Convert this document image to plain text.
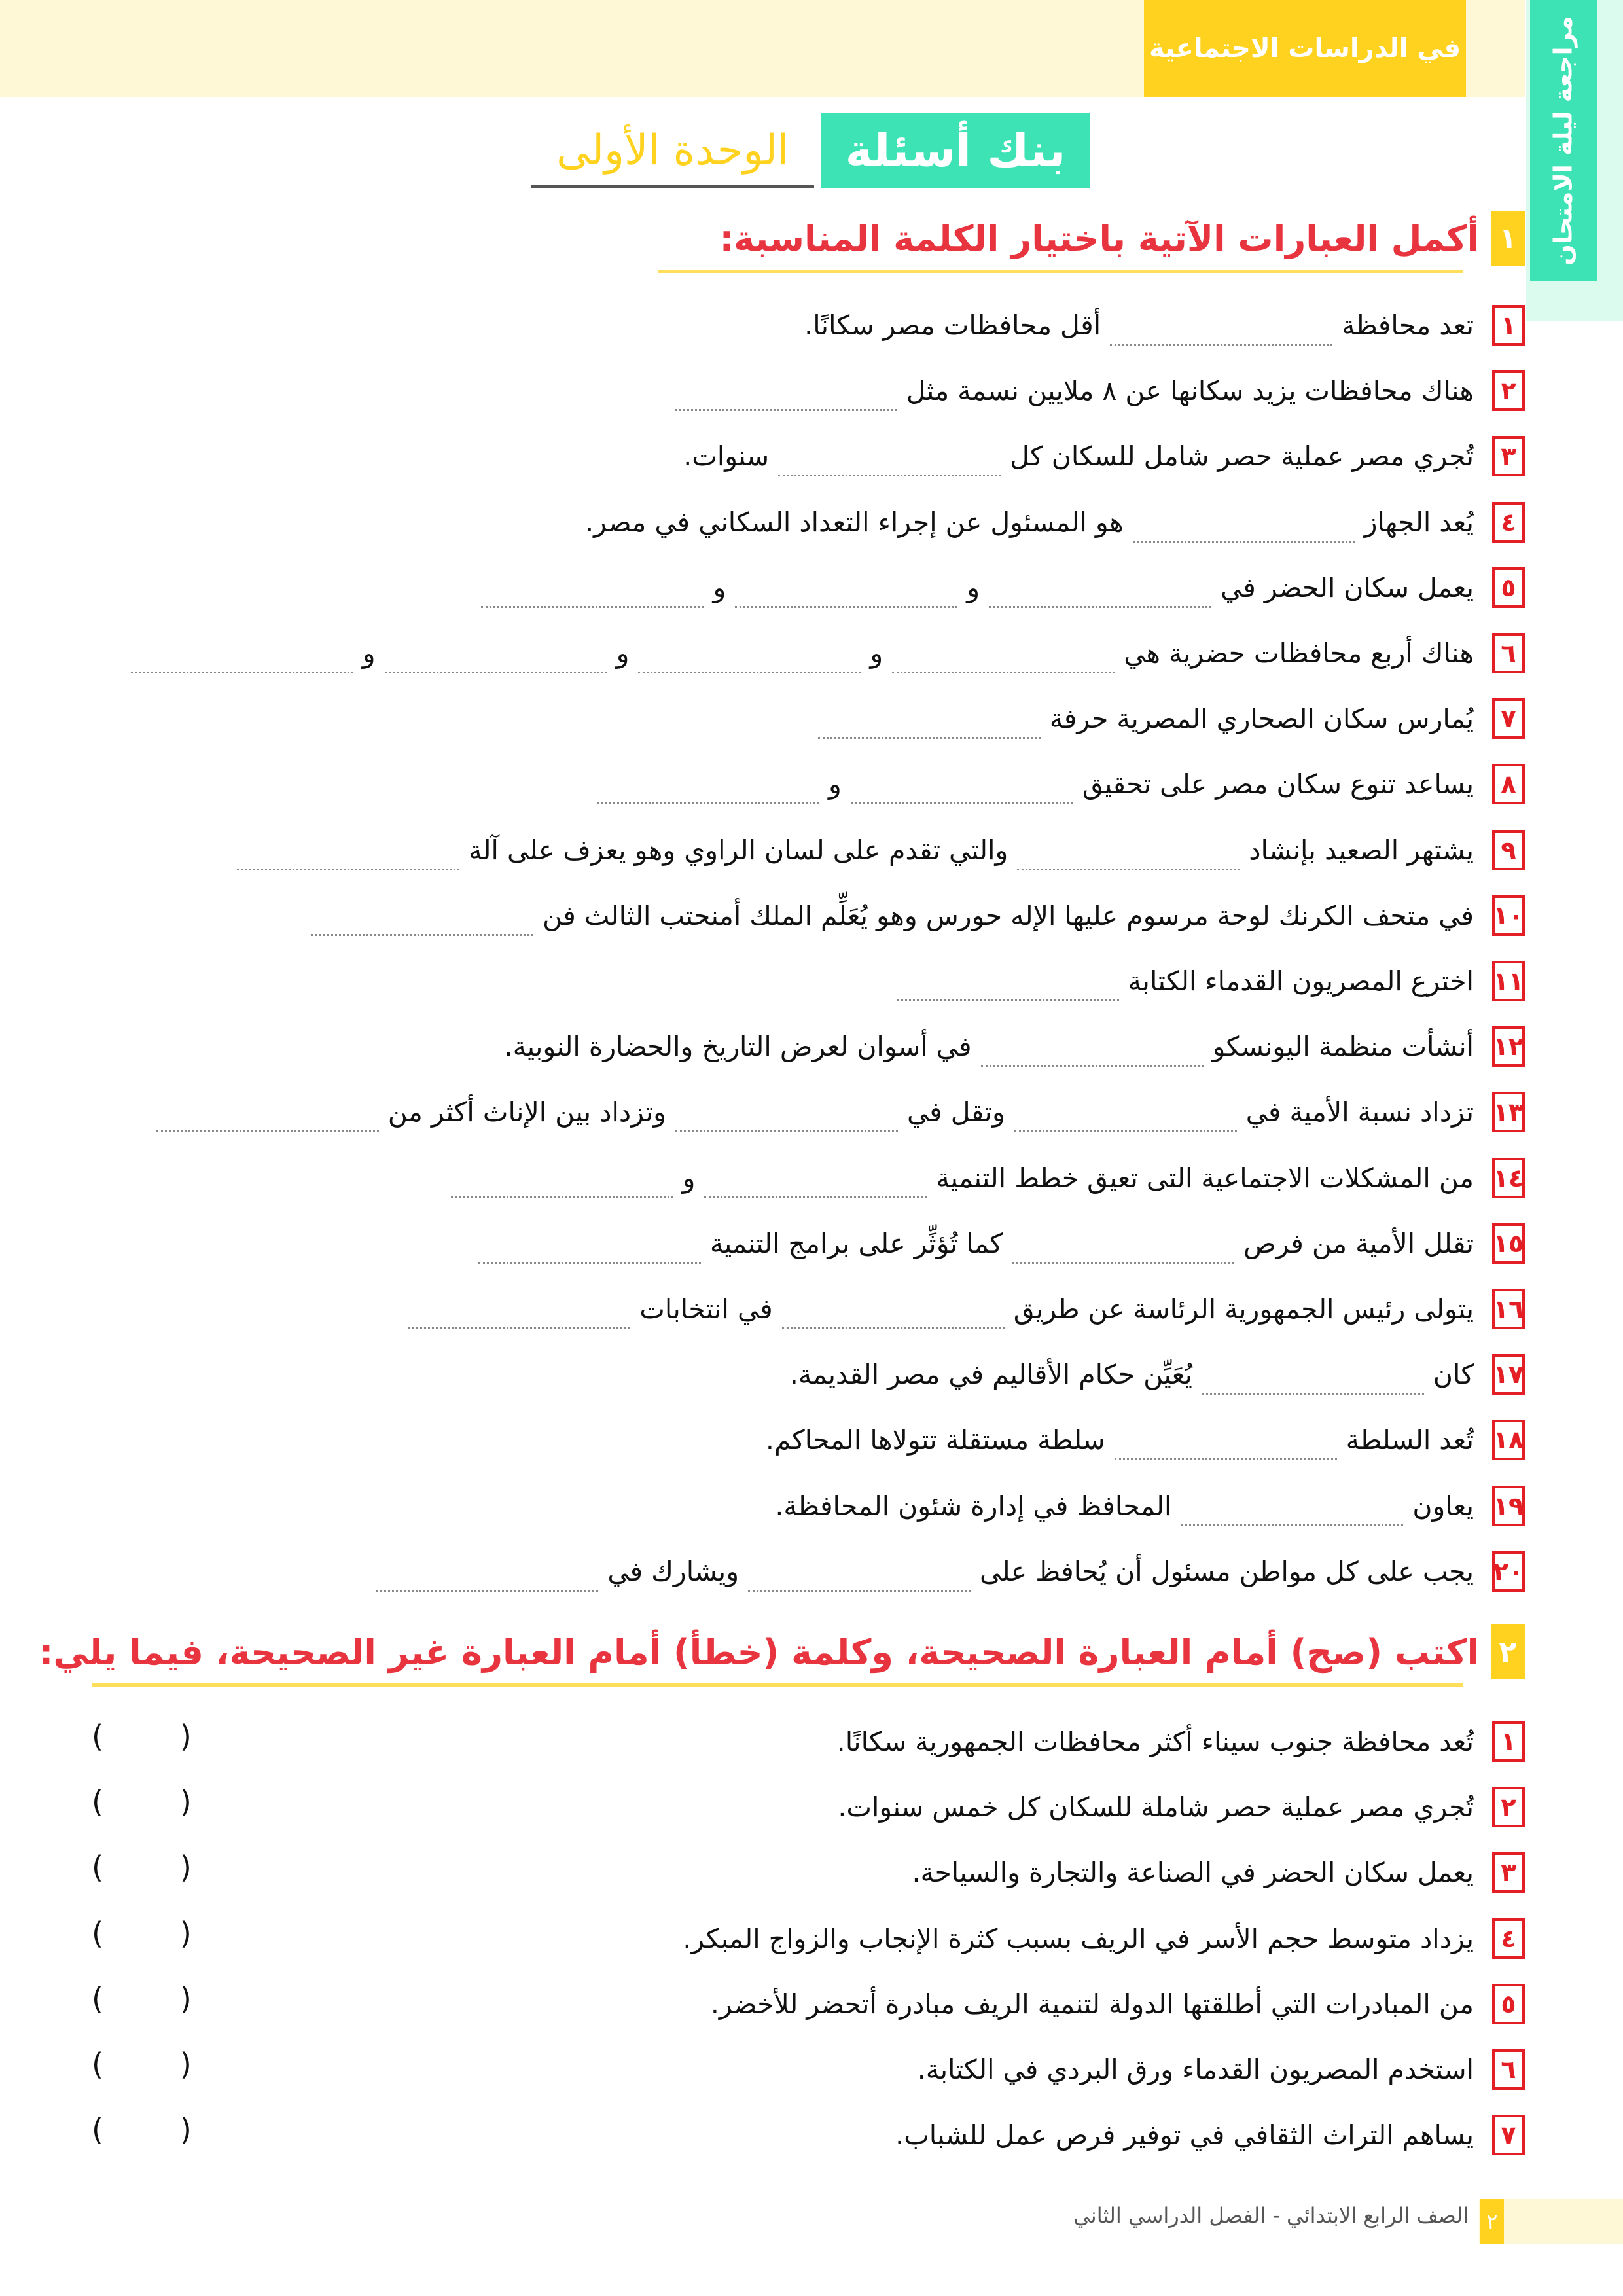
في الدراسات الاجتماعية	مراجعة ليلة الامتحان
بنك أسئلة
الوحدة الأولى
١
أكمل العبارات الآتية باختيار الكلمة المناسبة:
١
تعد محافظة
أقل محافظات مصر سكانًا.
٢
هناك محافظات يزيد سكانها عن ٨ ملايين نسمة مثل
٣
تُجري مصر عملية حصر شامل للسكان كل
سنوات.
٤
يُعد الجهاز
هو المسئول عن إجراء التعداد السكاني في مصر.
٥
يعمل سكان الحضر في
و
و
٦
هناك أربع محافظات حضرية هي
و
و
و
٧
يُمارس سكان الصحاري المصرية حرفة
٨
يساعد تنوع سكان مصر على تحقيق
و
٩
يشتهر الصعيد بإنشاد
والتي تقدم على لسان الراوي وهو يعزف على آلة
١٠
في متحف الكرنك لوحة مرسوم عليها الإله حورس وهو يُعَلِّم الملك أمنحتب الثالث فن
١١
اخترع المصريون القدماء الكتابة
١٢
أنشأت منظمة اليونسكو
في أسوان لعرض التاريخ والحضارة النوبية.
١٣
تزداد نسبة الأمية في
وتقل في
وتزداد بين الإناث أكثر من
١٤
من المشكلات الاجتماعية التى تعيق خطط التنمية
و
١٥
تقلل الأمية من فرص
كما تُؤثِّر على برامج التنمية
١٦
يتولى رئيس الجمهورية الرئاسة عن طريق
في انتخابات
١٧
كان
يُعَيِّن حكام الأقاليم في مصر القديمة.
١٨
تُعد السلطة
سلطة مستقلة تتولاها المحاكم.
١٩
يعاون
المحافظ في إدارة شئون المحافظة.
٢٠
يجب على كل مواطن مسئول أن يُحافظ على
ويشارك في
٢
اكتب (صح) أمام العبارة الصحيحة، وكلمة (خطأ) أمام العبارة غير الصحيحة، فيما يلي:
١
تُعد محافظة جنوب سيناء أكثر محافظات الجمهورية سكانًا.
(        )
٢
تُجري مصر عملية حصر شاملة للسكان كل خمس سنوات.
(        )
٣
يعمل سكان الحضر في الصناعة والتجارة والسياحة.
(        )
٤
يزداد متوسط حجم الأسر في الريف بسبب كثرة الإنجاب والزواج المبكر.
(        )
٥
من المبادرات التي أطلقتها الدولة لتنمية الريف مبادرة أتحضر للأخضر.
(        )
٦
استخدم المصريون القدماء ورق البردي في الكتابة.
(        )
٧
يساهم التراث الثقافي في توفير فرص عمل للشباب.
(        )
٢
الصف الرابع الابتدائي - الفصل الدراسي الثاني
